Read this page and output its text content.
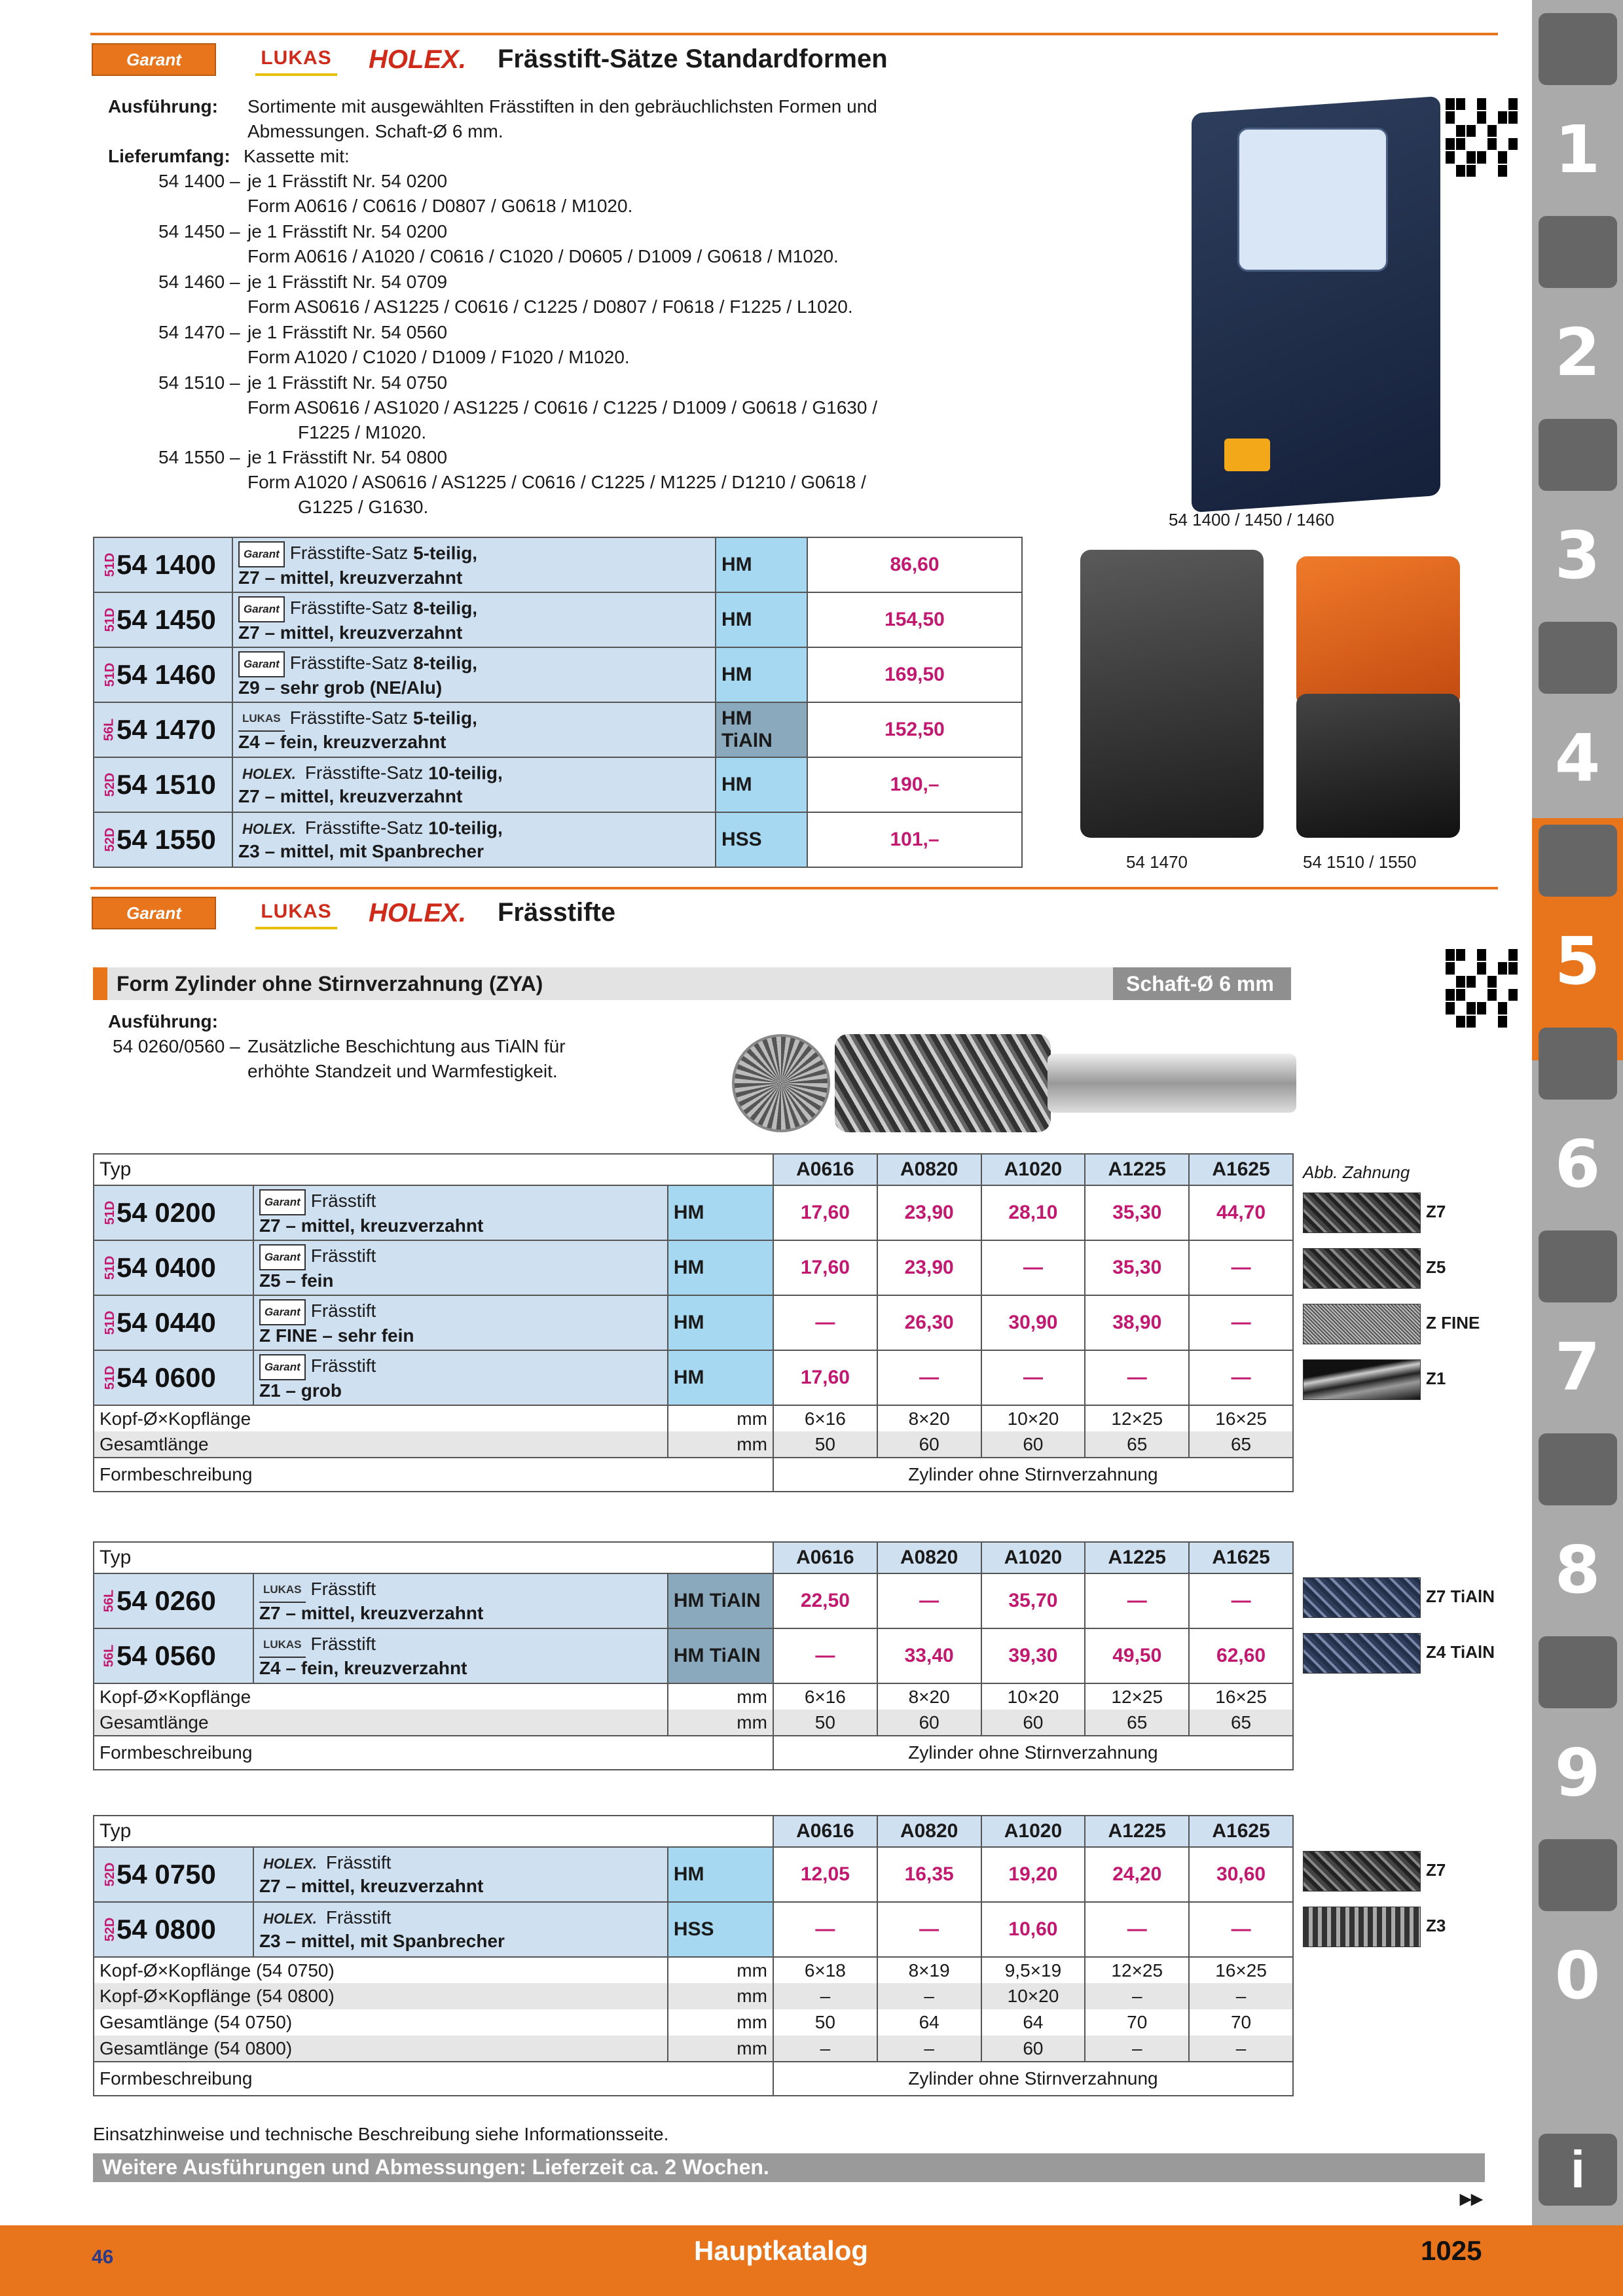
Garant	LUKAS	HOLEX.	Frässtift-Sätze Standardformen
Ausführung: Sortimente mit ausgewählten Frässtiften in den gebräuchlichsten Formen und
Abmessungen. Schaft-Ø 6 mm.
Lieferumfang: Kassette mit:
54 1400 – je 1 Frässtift Nr. 54 0200
Form A0616 / C0616 / D0807 / G0618 / M1020.
54 1450 – je 1 Frässtift Nr. 54 0200
Form A0616 / A1020 / C0616 / C1020 / D0605 / D1009 / G0618 / M1020.
54 1460 – je 1 Frässtift Nr. 54 0709
Form AS0616 / AS1225 / C0616 / C1225 / D0807 / F0618 / F1225 / L1020.
54 1470 – je 1 Frässtift Nr. 54 0560
Form A1020 / C1020 / D1009 / F1020 / M1020.
54 1510 – je 1 Frässtift Nr. 54 0750
Form AS0616 / AS1020 / AS1225 / C0616 / C1225 / D1009 / G0618 / G1630 /
F1225 / M1020.
54 1550 – je 1 Frässtift Nr. 54 0800
Form A1020 / AS0616 / AS1225 / C0616 / C1225 / M1225 / D1210 / G0618 /
G1225 / G1630.
54 1400 / 1450 / 1460
54 1470	54 1510 / 1550
51D 54 1400	Garant Frässtifte-Satz 5-teilig,
Z7 – mittel, kreuzverzahnt	HM	86,60

51D 54 1450	Garant Frässtifte-Satz 8-teilig,
Z7 – mittel, kreuzverzahnt	HM	154,50

51D 54 1460	Garant Frässtifte-Satz 8-teilig,
Z9 – sehr grob (NE/Alu)	HM	169,50

56L 54 1470	LUKAS Frässtifte-Satz 5-teilig,
Z4 – fein, kreuzverzahnt	HM TiAlN	152,50

52D 54 1510	HOLEX. Frässtifte-Satz 10-teilig,
Z7 – mittel, kreuzverzahnt	HM	190,–

52D 54 1550	HOLEX. Frässtifte-Satz 10-teilig,
Z3 – mittel, mit Spanbrecher	HSS	101,–
Garant	LUKAS	HOLEX.	Frässtifte
Form Zylinder ohne Stirnverzahnung (ZYA)	Schaft-Ø 6 mm
Ausführung:
54 0260/0560 – Zusätzliche Beschichtung aus TiAlN für
erhöhte Standzeit und Warmfestigkeit.
Abb. Zahnung
Typ			A0616	A0820	A1020	A1225	A1625

51D 54 0200	Garant Frässtift
Z7 – mittel, kreuzverzahnt	HM	17,60	23,90	28,10	35,30	44,70

51D 54 0400	Garant Frässtift
Z5 – fein	HM	17,60	23,90	—	35,30	—

51D 54 0440	Garant Frässtift
Z FINE – sehr fein	HM	—	26,30	30,90	38,90	—

51D 54 0600	Garant Frässtift
Z1 – grob	HM	17,60	—	—	—	—
Kopf-Ø×Kopflänge		mm	6×16	8×20	10×20	12×25	16×25
Gesamtlänge		mm	50	60	60	65	65
Formbeschreibung			Zylinder ohne Stirnverzahnung				
Typ			A0616	A0820	A1020	A1225	A1625

56L 54 0260	LUKAS Frässtift
Z7 – mittel, kreuzverzahnt	HM TiAlN	22,50	—	35,70	—	—

56L 54 0560	LUKAS Frässtift
Z4 – fein, kreuzverzahnt	HM TiAlN	—	33,40	39,30	49,50	62,60
Kopf-Ø×Kopflänge		mm	6×16	8×20	10×20	12×25	16×25
Gesamtlänge		mm	50	60	60	65	65
Formbeschreibung			Zylinder ohne Stirnverzahnung				
Typ			A0616	A0820	A1020	A1225	A1625

52D 54 0750	HOLEX. Frässtift
Z7 – mittel, kreuzverzahnt	HM	12,05	16,35	19,20	24,20	30,60

52D 54 0800	HOLEX. Frässtift
Z3 – mittel, mit Spanbrecher	HSS	—	—	10,60	—	—
Kopf-Ø×Kopflänge (54 0750)		mm	6×18	8×19	9,5×19	12×25	16×25
Kopf-Ø×Kopflänge (54 0800)		mm	–	–	10×20	–	–
Gesamtlänge (54 0750)		mm	50	64	64	70	70
Gesamtlänge (54 0800)		mm	–	–	60	–	–
Formbeschreibung			Zylinder ohne Stirnverzahnung				
Z7
Z5
Z FINE
Z1
Z7 TiAlN
Z4 TiAlN
Z7
Z3
Einsatzhinweise und technische Beschreibung siehe Informationsseite.
Weitere Ausführungen und Abmessungen: Lieferzeit ca. 2 Wochen.
▸▸
1
2
3
4
5
6
7
8
9
0
i
46	Hauptkatalog	1025
